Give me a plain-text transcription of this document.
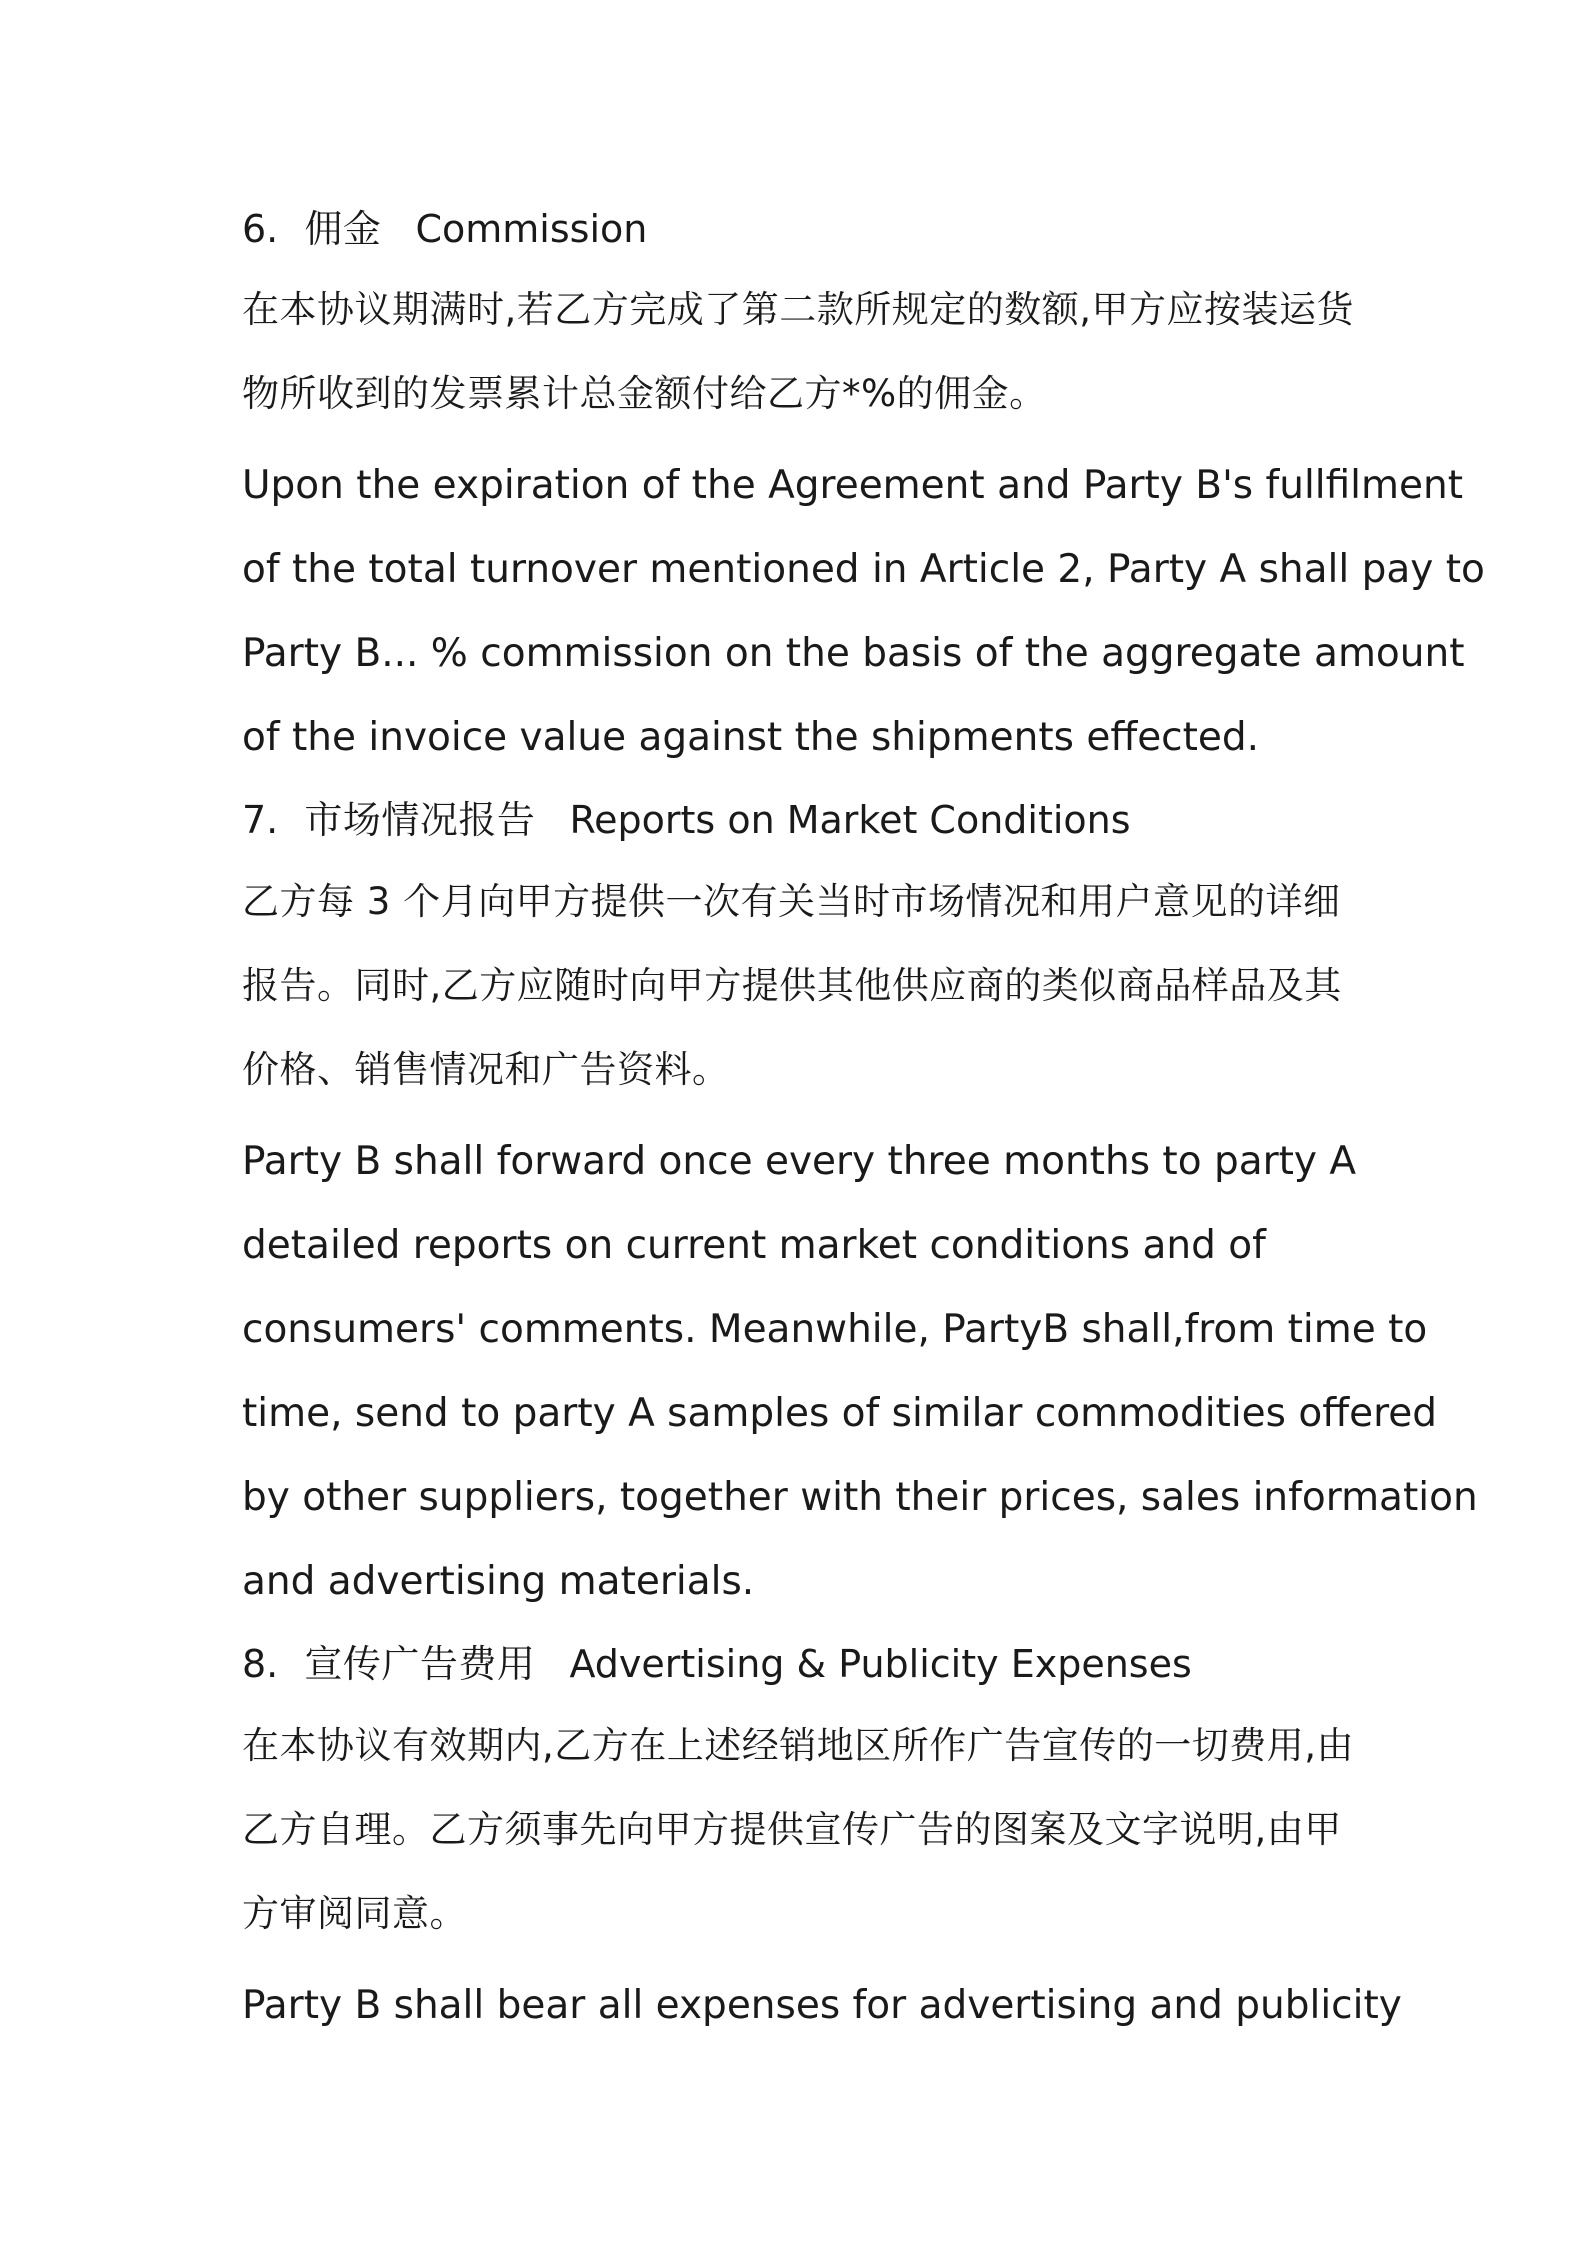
6. 佣金 Commission
在本协议期满时,若乙方完成了第二款所规定的数额,甲方应按装运货
物所收到的发票累计总金额付给乙方*%的佣金。
Upon the expiration of the Agreement and Party B's fullfilment
of the total turnover mentioned in Article 2, Party A shall pay to
Party B... % commission on the basis of the aggregate amount
of the invoice value against the shipments effected.
7. 市场情况报告 Reports on Market Conditions
乙方每 3 个月向甲方提供一次有关当时市场情况和用户意见的详细
报告。同时,乙方应随时向甲方提供其他供应商的类似商品样品及其
价格、销售情况和广告资料。
Party B shall forward once every three months to party A
detailed reports on current market conditions and of
consumers' comments. Meanwhile, PartyB shall,from time to
time, send to party A samples of similar commodities offered
by other suppliers, together with their prices, sales information
and advertising materials.
8. 宣传广告费用 Advertising & Publicity Expenses
在本协议有效期内,乙方在上述经销地区所作广告宣传的一切费用,由
乙方自理。乙方须事先向甲方提供宣传广告的图案及文字说明,由甲
方审阅同意。
Party B shall bear all expenses for advertising and publicity
